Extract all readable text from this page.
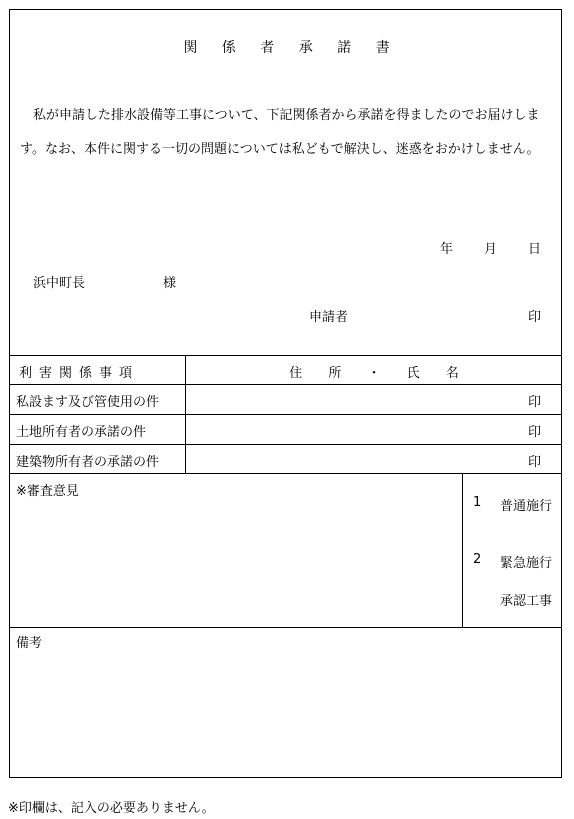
関 係 者 承 諾 書
私が申請した排水設備等工事について、下記関係者から承諾を得ましたのでお届けします。なお、本件に関する一切の問題については私どもで解決し、迷惑をおかけしません。
年 月 日
浜中町長	様
申請者	印
利害関係事項	住 所 ・ 氏 名
私設ます及び管使用の件	印
土地所有者の承諾の件	印
建築物所有者の承諾の件	印
※審査意見
1 普通施行
2 緊急施行
承認工事
備考
※印欄は、記入の必要ありません。
